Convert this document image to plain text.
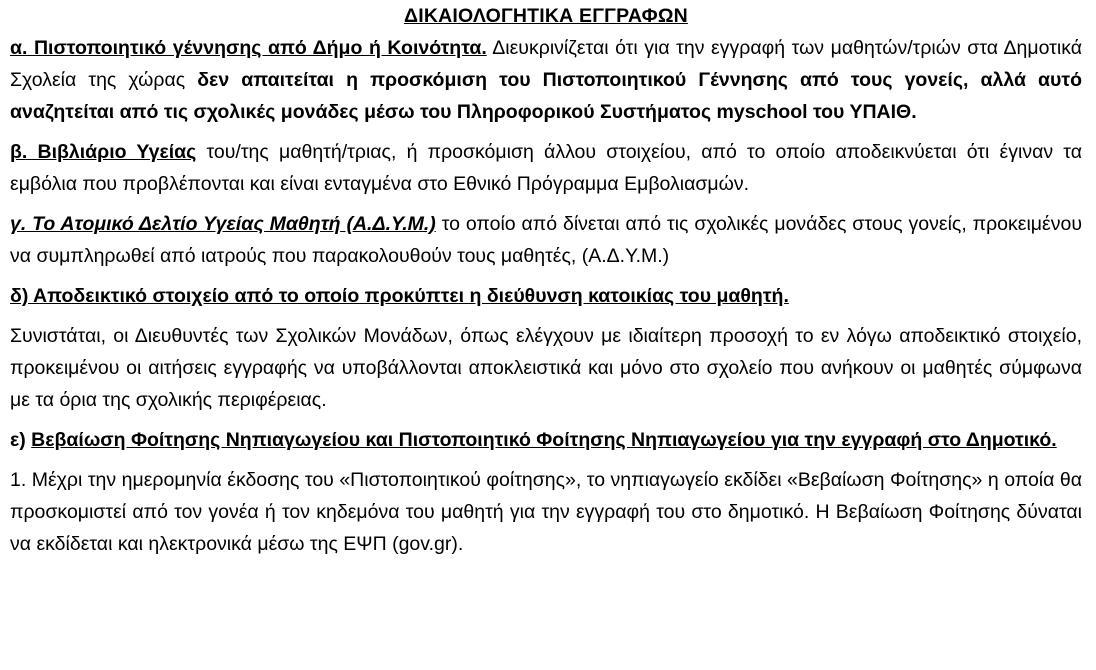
ΔΙΚΑΙΟΛΟΓΗΤΙΚΑ ΕΓΓΡΑΦΩΝ

α. Πιστοποιητικό γέννησης από Δήμο ή Κοινότητα. Διευκρινίζεται ότι για την εγγραφή των μαθητών/τριών στα Δημοτικά Σχολεία της χώρας δεν απαιτείται η προσκόμιση του Πιστοποιητικού Γέννησης από τους γονείς, αλλά αυτό αναζητείται από τις σχολικές μονάδες μέσω του Πληροφορικού Συστήματος myschool του ΥΠΑΙΘ.

β. Βιβλιάριο Υγείας του/της μαθητή/τριας, ή προσκόμιση άλλου στοιχείου, από το οποίο αποδεικνύεται ότι έγιναν τα εμβόλια που προβλέπονται και είναι ενταγμένα στο Εθνικό Πρόγραμμα Εμβολιασμών.

γ. Το Ατομικό Δελτίο Υγείας Μαθητή (Α.Δ.Υ.Μ.) το οποίο από δίνεται από τις σχολικές μονάδες στους γονείς, προκειμένου να συμπληρωθεί από ιατρούς που παρακολουθούν τους μαθητές, (Α.Δ.Υ.Μ.)

δ) Αποδεικτικό στοιχείο από το οποίο προκύπτει η διεύθυνση κατοικίας του μαθητή.

Συνιστάται, οι Διευθυντές των Σχολικών Μονάδων, όπως ελέγχουν με ιδιαίτερη προσοχή το εν λόγω αποδεικτικό στοιχείο, προκειμένου οι αιτήσεις εγγραφής να υποβάλλονται αποκλειστικά και μόνο στο σχολείο που ανήκουν οι μαθητές σύμφωνα με τα όρια της σχολικής περιφέρειας.

ε) Βεβαίωση Φοίτησης Νηπιαγωγείου και Πιστοποιητικό Φοίτησης Νηπιαγωγείου για την εγγραφή στο Δημοτικό.

1. Μέχρι την ημερομηνία έκδοσης του «Πιστοποιητικού φοίτησης», το νηπιαγωγείο εκδίδει «Βεβαίωση Φοίτησης» η οποία θα προσκομιστεί από τον γονέα ή τον κηδεμόνα του μαθητή για την εγγραφή του στο δημοτικό. Η Βεβαίωση Φοίτησης δύναται να εκδίδεται και ηλεκτρονικά μέσω της ΕΨΠ (gov.gr).
